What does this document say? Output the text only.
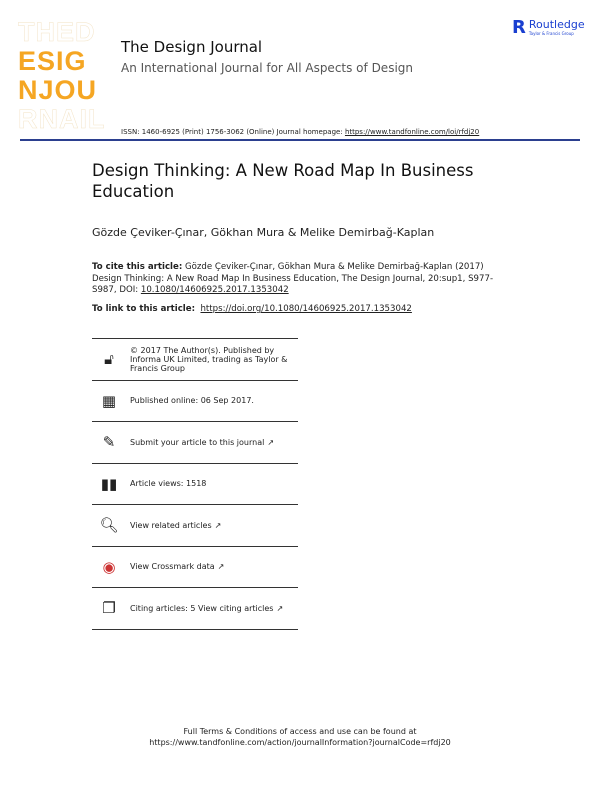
THED
ESIG
NJOU
RNAIL
The Design Journal
An International Journal for All Aspects of Design
R Routledge
Taylor & Francis Group
ISSN: 1460-6925 (Print) 1756-3062 (Online) Journal homepage: https://www.tandfonline.com/loi/rfdj20
Design Thinking: A New Road Map In Business Education
Gözde Çeviker-Çınar, Gökhan Mura & Melike Demirbağ-Kaplan
To cite this article: Gözde Çeviker-Çınar, Gökhan Mura & Melike Demirbağ-Kaplan (2017) Design Thinking: A New Road Map In Business Education, The Design Journal, 20:sup1, S977-S987, DOI: 10.1080/14606925.2017.1353042
To link to this article: https://doi.org/10.1080/14606925.2017.1353042
🔓︎	© 2017 The Author(s). Published by Informa UK Limited, trading as Taylor & Francis Group
▦ Published online: 06 Sep 2017.
✎	Submit your article to this journal ↗
▮▮ Article views: 1518
🔍︎ View related articles ↗
◉	View Crossmark data ↗
❐ Citing articles: 5 View citing articles ↗
Full Terms & Conditions of access and use can be found at
https://www.tandfonline.com/action/journalInformation?journalCode=rfdj20
